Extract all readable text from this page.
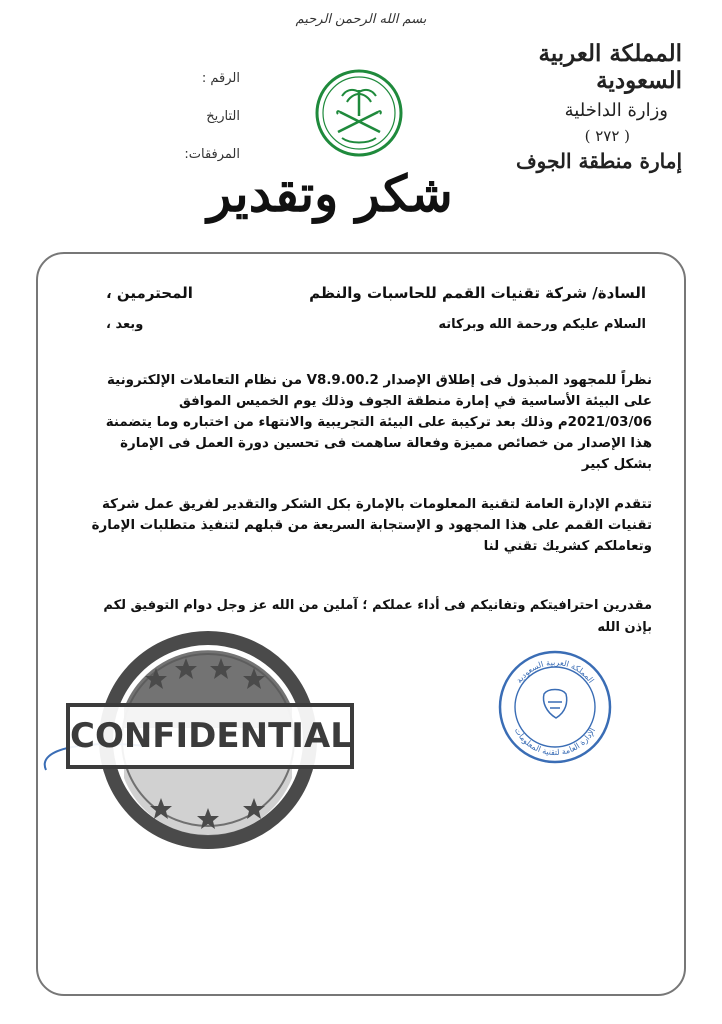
بسم الله الرحمن الرحيم
الرقم :
التاريخ
المرفقات:
المملكة العربية السعودية
وزارة الداخلية
( ٢٧٢ )
إمارة منطقة الجوف
شكر وتقدير
السادة/ شركة تقنيات القمم للحاسبات والنظم
المحترمين ،
السلام عليكم ورحمة الله وبركاته
وبعد ،
نظراً للمجهود المبذول فى إطلاق الإصدار V8.9.00.2 من نظام التعاملات الإلكترونية على البيئة الأساسية في إمارة منطقة الجوف وذلك يوم الخميس الموافق 2021/03/06م وذلك بعد تركيبة على البيئة التجريبية والانتهاء من اختباره وما يتضمنة هذا الإصدار من خصائص مميزة وفعالة ساهمت فى تحسين دورة العمل فى الإمارة بشكل كبير
تتقدم الإدارة العامة لتقنية المعلومات بالإمارة بكل الشكر والتقدير لفريق عمل شركة تقنيات القمم على هذا المجهود و الإستجابة السريعة من قبلهم لتنفيذ متطلبات الإمارة وتعاملكم كشريك تقني لنا
مقدرين احترافيتكم وتفانيكم فى أداء عملكم ؛ آملين من الله عز وجل دوام التوفيق لكم بإذن الله
CONFIDENTIAL
المملكة العربية السعودية
الإدارة العامة لتقنية المعلومات
